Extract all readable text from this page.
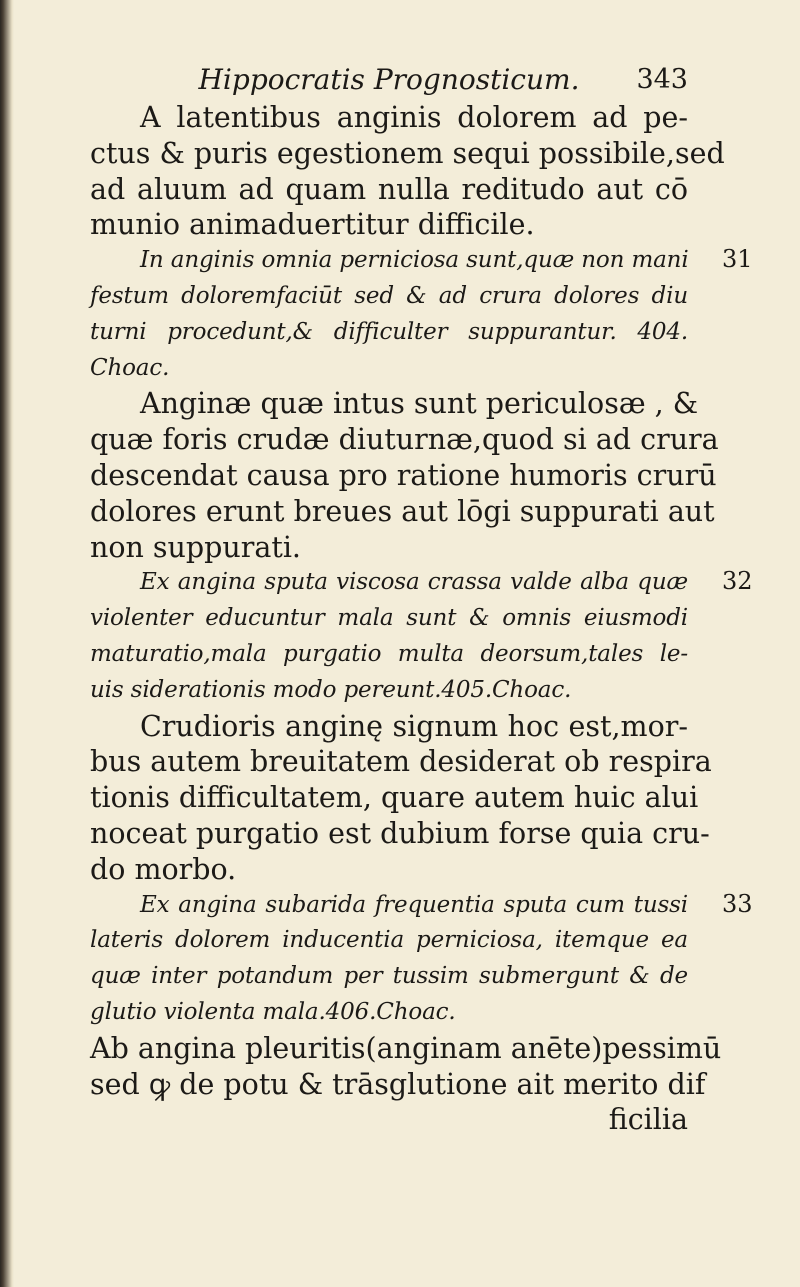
Hippocratis Prognosticum. 343
A latentibus anginis dolorem ad pe-
ctus & puris egestionem sequi possibile,sed
ad aluum ad quam nulla reditudo aut cō
munio animaduertitur difficile.
In anginis omnia perniciosa sunt,quæ non mani
festum doloremfaciūt sed & ad crura dolores diu
turni procedunt,& difficulter suppurantur. 404.
Choac.
Anginæ quæ intus sunt periculosæ , &
quæ foris crudæ diuturnæ,quod si ad crura
descendat causa pro ratione humoris crurū
dolores erunt breues aut lōgi suppurati aut
non suppurati.
Ex angina sputa viscosa crassa valde alba quæ
violenter educuntur mala sunt & omnis eiusmodi
maturatio,mala purgatio multa deorsum,tales le-
uis siderationis modo pereunt.405.Choac.
Crudioris anginę signum hoc est,mor-
bus autem breuitatem desiderat ob respira
tionis difficultatem, quare autem huic alui
noceat purgatio est dubium forse quia cru-
do morbo.
Ex angina subarida frequentia sputa cum tussi
lateris dolorem inducentia perniciosa, itemque ea
quæ inter potandum per tussim submergunt & de
glutio violenta mala.406.Choac.
Ab angina pleuritis(anginam anēte)pessimū
sed ꝙ de potu & trāsglutione ait merito dif
ficilia
31
32
33
